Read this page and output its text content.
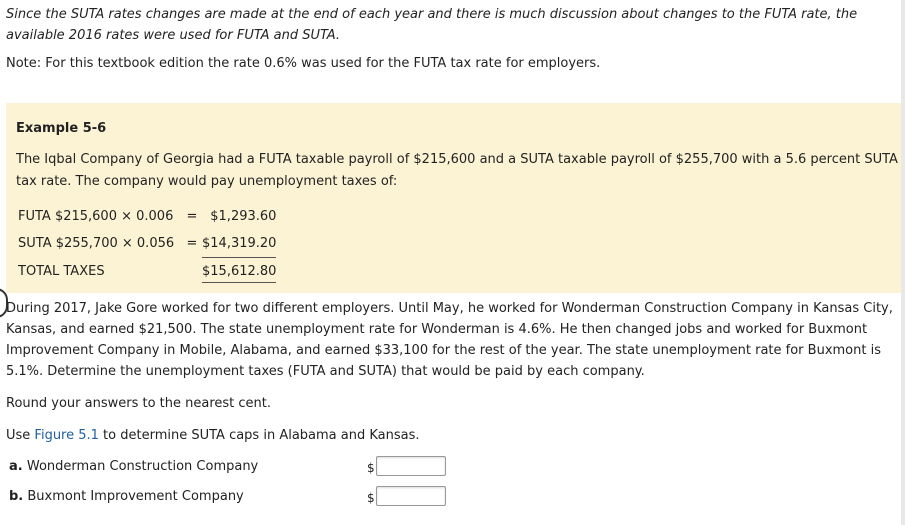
Since the SUTA rates changes are made at the end of each year and there is much discussion about changes to the FUTA rate, the available 2016 rates were used for FUTA and SUTA.
Note: For this textbook edition the rate 0.6% was used for the FUTA tax rate for employers.
Example 5-6
The Iqbal Company of Georgia had a FUTA taxable payroll of $215,600 and a SUTA taxable payroll of $255,700 with a 5.6 percent SUTA tax rate. The company would pay unemployment taxes of:
FUTA $215,600 × 0.006	=	$1,293.60
SUTA $255,700 × 0.056	=	$14,319.20
TOTAL TAXES		$15,612.80
During 2017, Jake Gore worked for two different employers. Until May, he worked for Wonderman Construction Company in Kansas City, Kansas, and earned $21,500. The state unemployment rate for Wonderman is 4.6%. He then changed jobs and worked for Buxmont Improvement Company in Mobile, Alabama, and earned $33,100 for the rest of the year. The state unemployment rate for Buxmont is 5.1%. Determine the unemployment taxes (FUTA and SUTA) that would be paid by each company.
Round your answers to the nearest cent.
Use Figure 5.1 to determine SUTA caps in Alabama and Kansas.
a. Wonderman Construction Company	$
b. Buxmont Improvement Company	$
